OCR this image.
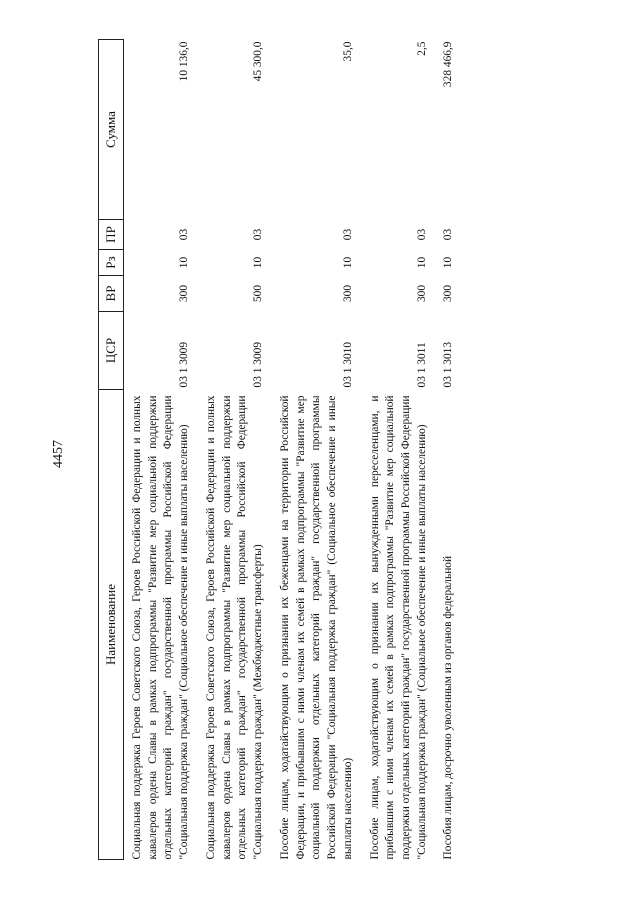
4457
Наименование	ЦСР	ВР	Рз	ПР	Сумма
Социальная поддержка Героев Советского Союза, Героев Российской Федерации и полных кавалеров ордена Славы в рамках подпрограммы "Развитие мер социальной поддержки отдельных категорий граждан" государственной программы Российской Федерации "Социальная поддержка граждан" (Социальное обеспечение и иные выплаты населению)	03 1 3009	300	10	03	10 136,0
Социальная поддержка Героев Советского Союза, Героев Российской Федерации и полных кавалеров ордена Славы в рамках подпрограммы "Развитие мер социальной поддержки отдельных категорий граждан" государственной программы Российской Федерации "Социальная поддержка граждан" (Межбюджетные трансферты)	03 1 3009	500	10	03	45 300,0
Пособие лицам, ходатайствующим о признании их беженцами на территории Российской Федерации, и прибывшим с ними членам их семей в рамках подпрограммы "Развитие мер социальной поддержки отдельных категорий граждан" государственной программы Российской Федерации "Социальная поддержка граждан" (Социальное обеспечение и иные выплаты населению)	03 1 3010	300	10	03	35,0
Пособие лицам, ходатайствующим о признании их вынужденными переселенцами, и прибывшим с ними членам их семей в рамках подпрограммы "Развитие мер социальной поддержки отдельных категорий граждан" государственной программы Российской Федерации "Социальная поддержка граждан" (Социальное обеспечение и иные выплаты населению)	03 1 3011	300	10	03	2,5
Пособия лицам, досрочно уволенным из органов федеральной	03 1 3013	300	10	03	328 466,9
